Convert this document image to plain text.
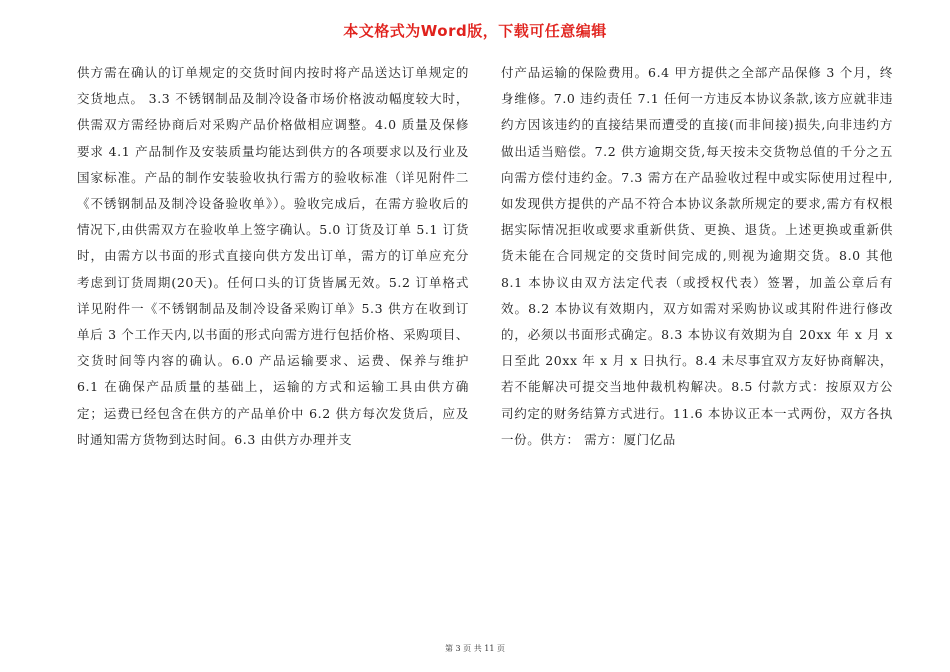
本文格式为Word版，下载可任意编辑

供方需在确认的订单规定的交货时间内按时将产品送达订单规定的交货地点。 3.3 不锈钢制品及制冷设备市场价格波动幅度较大时，供需双方需经协商后对采购产品价格做相应调整。4.0 质量及保修要求 4.1 产品制作及安装质量均能达到供方的各项要求以及行业及国家标准。产品的制作安装验收执行需方的验收标准（详见附件二 《不锈钢制品及制冷设备验收单》）。验收完成后，在需方验收后的情况下,由供需双方在验收单上签字确认。5.0 订货及订单 5.1 订货时，由需方以书面的形式直接向供方发出订单，需方的订单应充分考虑到订货周期(20天)。任何口头的订货皆属无效。5.2 订单格式详见附件一《不锈钢制品及制冷设备采购订单》5.3 供方在收到订单后 3 个工作天内,以书面的形式向需方进行包括价格、采购项目、交货时间等内容的确认。6.0 产品运输要求、运费、保养与维护 6.1 在确保产品质量的基础上，运输的方式和运输工具由供方确定；运费已经包含在供方的产品单价中 6.2 供方每次发货后，应及时通知需方货物到达时间。6.3 由供方办理并支

付产品运输的保险费用。6.4 甲方提供之全部产品保修 3 个月，终身维修。7.0 违约责任 7.1 任何一方违反本协议条款,该方应就非违约方因该违约的直接结果而遭受的直接(而非间接)损失,向非违约方做出适当赔偿。7.2 供方逾期交货,每天按未交货物总值的千分之五向需方偿付违约金。7.3 需方在产品验收过程中或实际使用过程中,如发现供方提供的产品不符合本协议条款所规定的要求,需方有权根据实际情况拒收或要求重新供货、更换、退货。上述更换或重新供货未能在合同规定的交货时间完成的,则视为逾期交货。8.0 其他 8.1 本协议由双方法定代表（或授权代表）签署，加盖公章后有效。8.2 本协议有效期内，双方如需对采购协议或其附件进行修改的，必须以书面形式确定。8.3 本协议有效期为自 20xx 年 x 月 x 日至此 20xx 年 x 月 x 日执行。8.4 未尽事宜双方友好协商解决，若不能解决可提交当地仲裁机构解决。8.5 付款方式：按原双方公司约定的财务结算方式进行。11.6 本协议正本一式两份，双方各执一份。供方： 需方：厦门亿品

第 3 页 共 11 页
